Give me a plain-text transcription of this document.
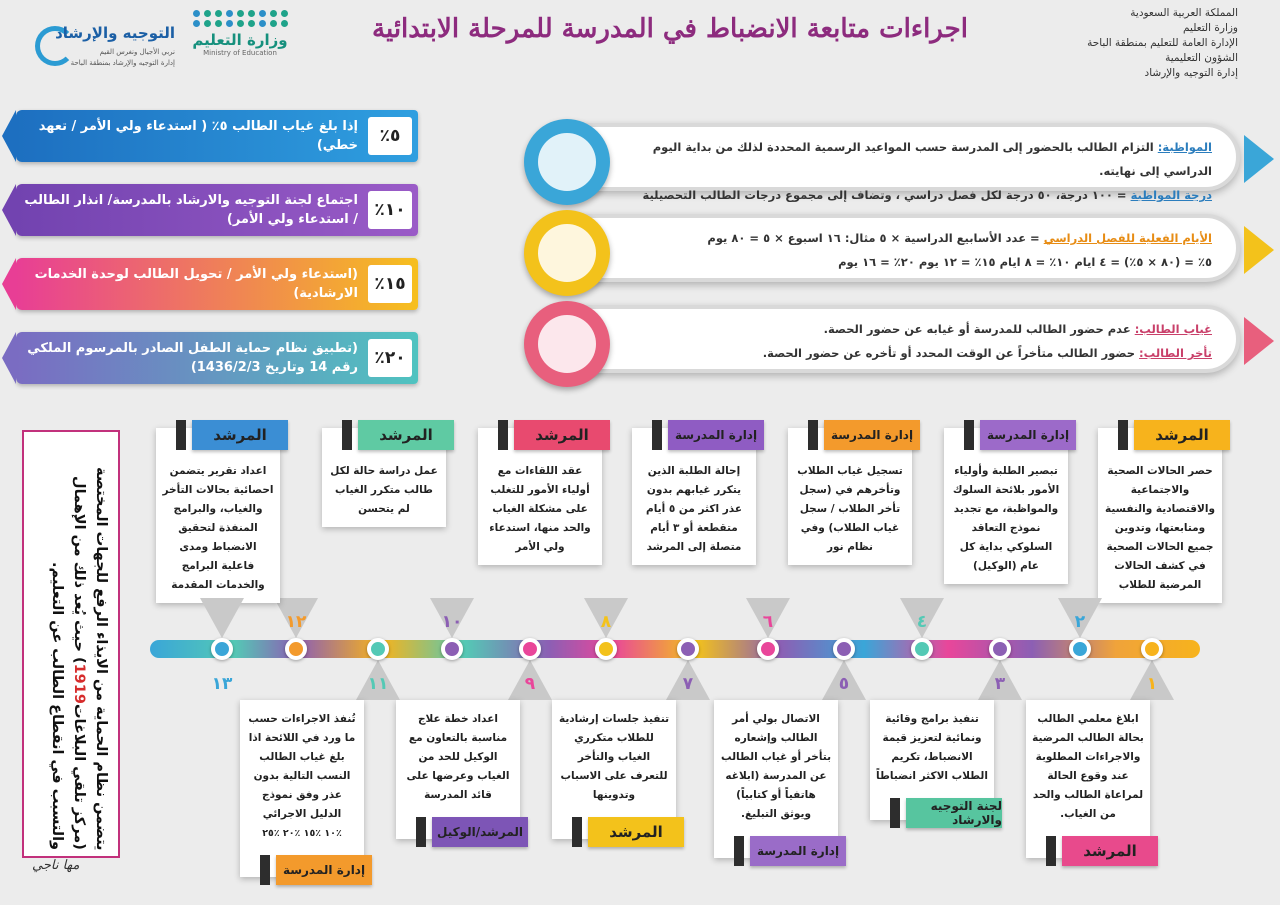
المملكة العربية السعودية
وزارة التعليم
الإدارة العامة للتعليم بمنطقة الباحة
الشؤون التعليمية
إدارة التوجيه والإرشاد
اجراءات متابعة الانضباط في المدرسة للمرحلة الابتدائية
وزارة التعليم
Ministry of Education
التوجيه والإرشاد
نربي الأجيال ونغرس القيم
إدارة التوجيه والإرشاد بمنطقة الباحة
٥٪
إذا بلغ غياب الطالب ٥٪ ( استدعاء ولي الأمر / تعهد خطي)
١٠٪
اجتماع لجنة التوجيه والارشاد بالمدرسة/ انذار الطالب / استدعاء ولي الأمر)
١٥٪
(استدعاء ولي الأمر / تحويل الطالب لوحدة الخدمات الارشادية)
٢٠٪
(تطبيق نظام حماية الطفل الصادر بالمرسوم الملكي رقم 14 وتاريخ 1436/2/3)
المواظبة: التزام الطالب بالحضور إلى المدرسة حسب المواعيد الرسمية المحددة لذلك من بداية اليوم الدراسي إلى نهايته.
درجة المواظبة = ١٠٠ درجة، ٥٠ درجة لكل فصل دراسي ، وتضاف إلى مجموع درجات الطالب التحصيلية
الأيام الفعلية للفصل الدراسي = عدد الأسابيع الدراسية × ٥ مثال: ١٦ اسبوع × ٥ = ٨٠ يوم
٥٪ = (٨٠ × ٥٪) = ٤ ايام ١٠٪ = ٨ ايام ١٥٪ = ١٢ يوم ٢٠٪ = ١٦ يوم
غياب الطالب: عدم حضور الطالب للمدرسة أو غيابه عن حضور الحصة.
تأخر الطالب: حضور الطالب متأخراً عن الوقت المحدد أو تأخره عن حضور الحصة.
المرشد
حصر الحالات الصحية والاجتماعية والاقتصادية والنفسية ومتابعتها، وتدوين جميع الحالات الصحية في كشف الحالات المرضية للطلاب
إدارة المدرسة
تبصير الطلبة وأولياء الأمور بلائحة السلوك والمواظبة، مع تجديد نموذج التعاقد السلوكي بداية كل عام (الوكيل)
إدارة المدرسة
تسجيل غياب الطلاب وتأخرهم في (سجل تأخر الطلاب / سجل غياب الطلاب) وفي نظام نور
إدارة المدرسة
إحالة الطلبة الذين يتكرر غيابهم بدون عذر اكثر من ٥ أيام متقطعة أو ٣ أيام متصلة إلى المرشد
المرشد
عقد اللقاءات مع أولياء الأمور للتغلب على مشكلة الغياب والحد منها، استدعاء ولي الأمر
المرشد
عمل دراسة حالة لكل طالب متكرر الغياب لم يتحسن
المرشد
اعداد تقرير يتضمن احصائية بحالات التأخر والغياب، والبرامج المنفذة لتحقيق الانضباط ومدى فاعلية البرامج والخدمات المقدمة
ابلاغ معلمي الطالب بحالة الطالب المرضية والاجراءات المطلوبة عند وقوع الحالة لمراعاة الطالب والحد من الغياب.
المرشد
تنفيذ برامج وقائية ونمائية لتعزيز قيمة الانضباط، تكريم الطلاب الاكثر انضباطاً
لجنة التوجيه والارشاد
الاتصال بولي أمر الطالب وإشعاره بتأخر أو غياب الطالب عن المدرسة (ابلاغه هاتفياً أو كتابياً) ويوثق التبليغ.
إدارة المدرسة
تنفيذ جلسات إرشادية للطلاب متكرري الغياب والتأخر للتعرف على الاسباب وتدوينها
المرشد
اعداد خطة علاج مناسبة بالتعاون مع الوكيل للحد من الغياب وعرضها على قائد المدرسة
المرشد/الوكيل
تُنفذ الاجراءات حسب ما ورد في اللائحة اذا بلغ غياب الطالب النسب التالية بدون عذر وفق نموذج الدليل الاجرائي
٪١٠ ٪١٥ ٪٢٠ ٪٢٥
إدارة المدرسة
١
٢
٣
٤
٥
٦
٧
٨
٩
١٠
١١
١٢
١٣
يتضمن نظام الحماية من الايذاء الرفع للجهات المختصة (مركز تلقي البلاغات1919) حيث يُعد ذلك من الإهمال والتسبب في انقطاع الطالب عن التعليم.
مها ناجي
